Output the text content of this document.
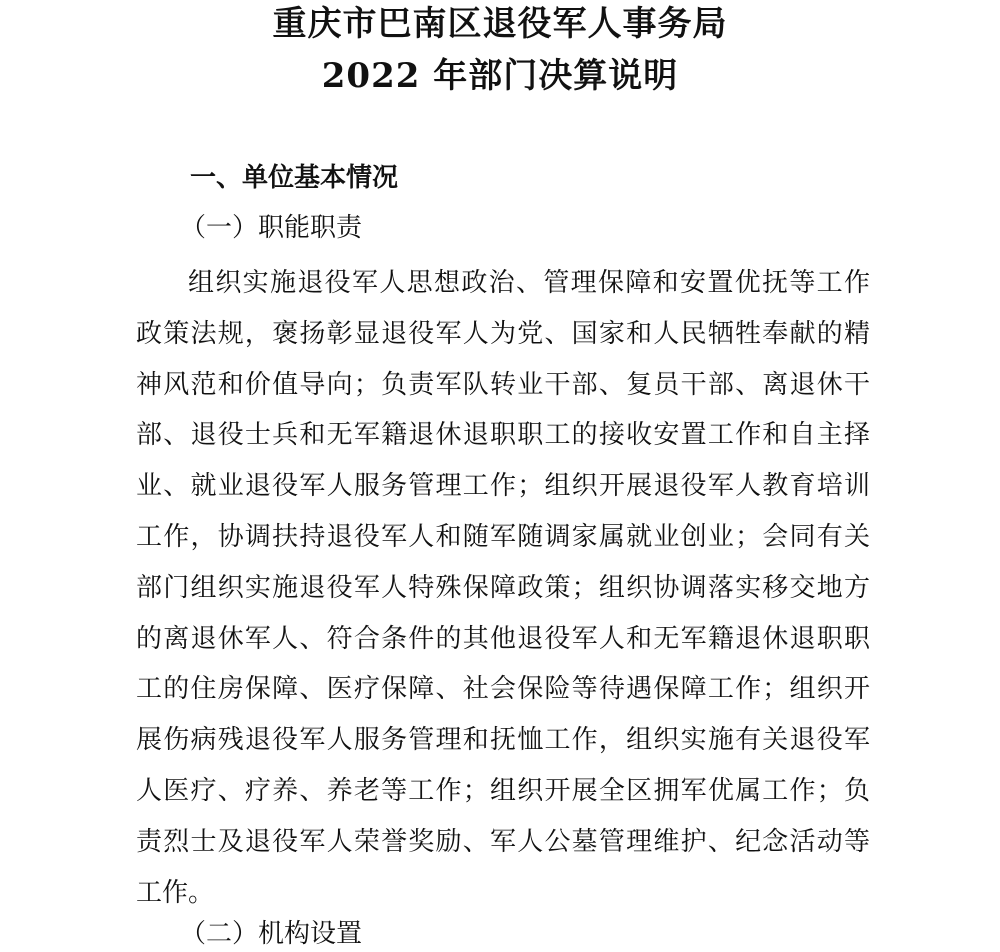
重庆市巴南区退役军人事务局
2022 年部门决算说明
一、单位基本情况
（一）职能职责
组织实施退役军人思想政治、管理保障和安置优抚等工作
政策法规，褒扬彰显退役军人为党、国家和人民牺牲奉献的精
神风范和价值导向；负责军队转业干部、复员干部、离退休干
部、退役士兵和无军籍退休退职职工的接收安置工作和自主择
业、就业退役军人服务管理工作；组织开展退役军人教育培训
工作，协调扶持退役军人和随军随调家属就业创业；会同有关
部门组织实施退役军人特殊保障政策；组织协调落实移交地方
的离退休军人、符合条件的其他退役军人和无军籍退休退职职
工的住房保障、医疗保障、社会保险等待遇保障工作；组织开
展伤病残退役军人服务管理和抚恤工作，组织实施有关退役军
人医疗、疗养、养老等工作；组织开展全区拥军优属工作；负
责烈士及退役军人荣誉奖励、军人公墓管理维护、纪念活动等
工作。
（二）机构设置
